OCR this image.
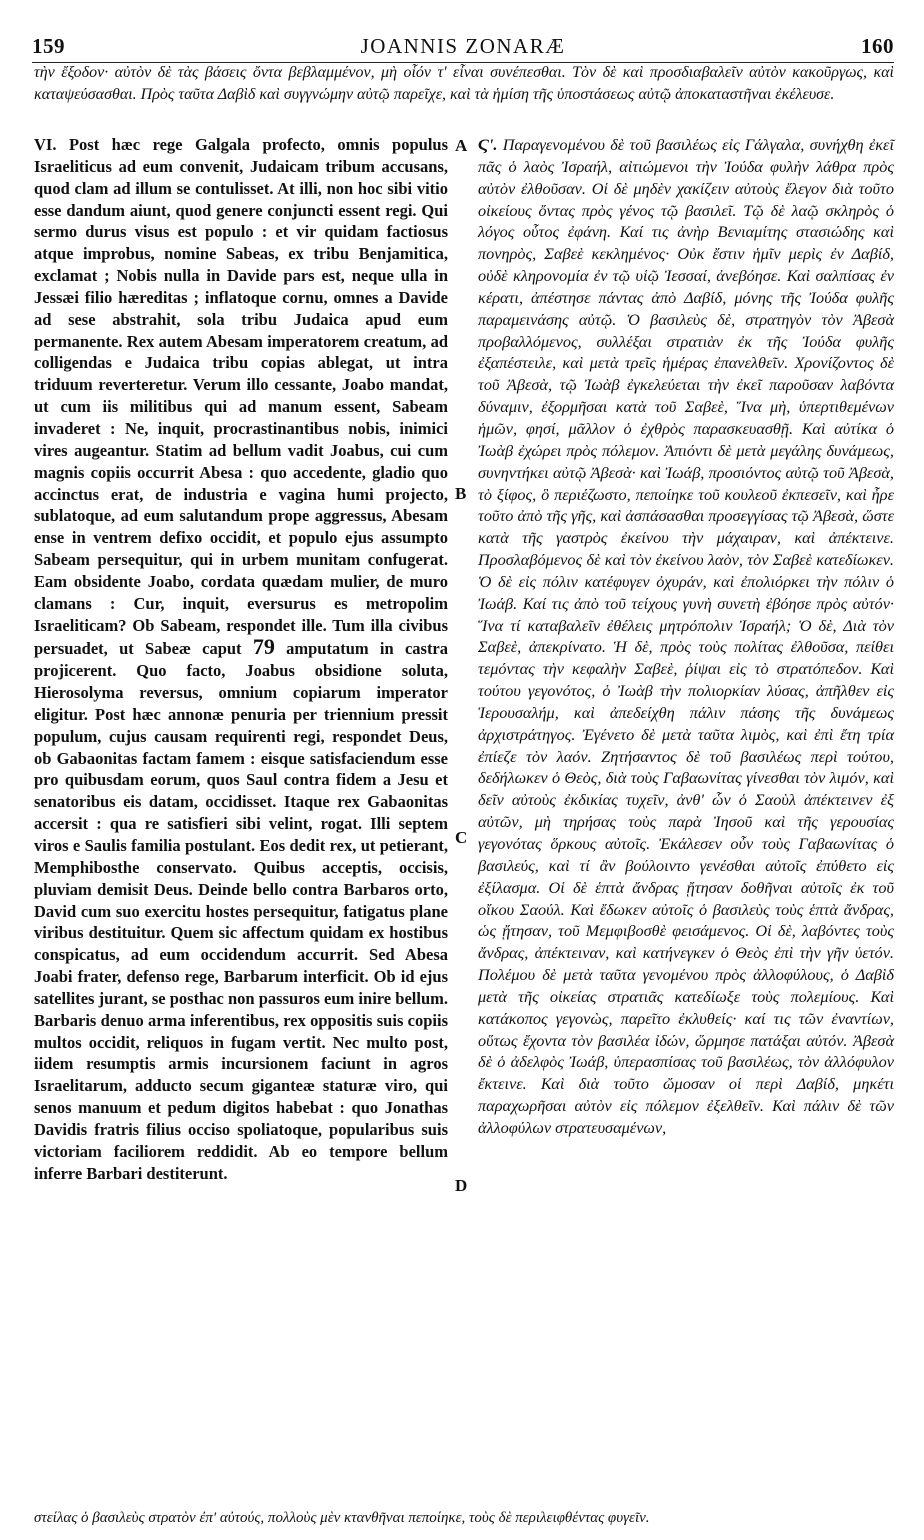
159	JOANNIS ZONARÆ	160
τὴν ἔξοδον· αὐτὸν δὲ τὰς βάσεις ὄντα βεβλαμμένον, μὴ οἷόν τ' εἶναι συνέπεσθαι. Τὸν δὲ καὶ προσδιαβαλεῖν αὐτὸν κακοῦργως, καὶ καταψεύσασθαι. Πρὸς ταῦτα Δαβὶδ καὶ συγγνώμην αὐτῷ παρεῖχε, καὶ τὰ ἡμίση τῆς ὑποστάσεως αὐτῷ ἀποκαταστῆναι ἐκέλευσε.

VI. Post hæc rege Galgala profecto, omnis populus Israeliticus ad eum convenit, Judaicam tribum accusans, quod clam ad illum se contulisset. At illi, non hoc sibi vitio esse dandum aiunt, quod genere conjuncti essent regi. Qui sermo durus visus est populo : et vir quidam factiosus atque improbus, nomine Sabeas, ex tribu Benjamitica, exclamat ; Nobis nulla in Davide pars est, neque ulla in Jessæi filio hæreditas ; inflatoque cornu, omnes a Davide ad sese abstrahit, sola tribu Judaica apud eum permanente. Rex autem Abesam imperatorem creatum, ad colligendas e Judaica tribu copias ablegat, ut intra triduum reverteretur. Verum illo cessante, Joabo mandat, ut cum iis militibus qui ad manum essent, Sabeam invaderet : Ne, inquit, procrastinantibus nobis, inimici vires augeantur. Statim ad bellum vadit Joabus, cui cum magnis copiis occurrit Abesa : quo accedente, gladio quo accinctus erat, de industria e vagina humi projecto, sublatoque, ad eum salutandum prope aggressus, Abesam ense in ventrem defixo occidit, et populo ejus assumpto Sabeam persequitur, qui in urbem munitam confugerat. Eam obsidente Joabo, cordata quædam mulier, de muro clamans : Cur, inquit, eversurus es metropolim Israeliticam? Ob Sabeam, respondet ille. Tum illa civibus persuadet, ut Sabeæ caput 79 amputatum in castra projicerent. Quo facto, Joabus obsidione soluta, Hierosolyma reversus, omnium copiarum imperator eligitur. Post hæc annonæ penuria per triennium pressit populum, cujus causam requirenti regi, respondet Deus, ob Gabaonitas factam famem : eisque satisfaciendum esse pro quibusdam eorum, quos Saul contra fidem a Jesu et senatoribus eis datam, occidisset. Itaque rex Gabaonitas accersit : qua re satisfieri sibi velint, rogat. Illi septem viros e Saulis familia postulant. Eos dedit rex, ut petierant, Memphibosthe conservato. Quibus acceptis, occisis, pluviam demisit Deus. Deinde bello contra Barbaros orto, David cum suo exercitu hostes persequitur, fatigatus plane viribus destituitur. Quem sic affectum quidam ex hostibus conspicatus, ad eum occidendum accurrit. Sed Abesa Joabi frater, defenso rege, Barbarum interficit. Ob id ejus satellites jurant, se posthac non passuros eum inire bellum. Barbaris denuo arma inferentibus, rex oppositis suis copiis multos occidit, reliquos in fugam vertit. Nec multo post, iidem resumptis armis incursionem faciunt in agros Israelitarum, adducto secum giganteæ staturæ viro, qui senos manuum et pedum digitos habebat : quo Jonathas Davidis fratris filius occiso spoliatoque, popularibus suis victoriam faciliorem reddidit. Ab eo tempore bellum inferre Barbari destiterunt.

A
B
C
D

Ϛ'. Παραγενομένου δὲ τοῦ βασιλέως εἰς Γάλγαλα, συνήχθη ἐκεῖ πᾶς ὁ λαὸς Ἰσραήλ, αἰτιώμενοι τὴν Ἰούδα φυλὴν λάθρα πρὸς αὐτὸν ἐλθοῦσαν. Οἱ δὲ μηδὲν χακίζειν αὐτοὺς ἔλεγον διὰ τοῦτο οἰκείους ὄντας πρὸς γένος τῷ βασιλεῖ. Τῷ δὲ λαῷ σκληρὸς ὁ λόγος οὗτος ἐφάνη. Καί τις ἀνὴρ Βενιαμίτης στασιώδης καὶ πονηρὸς, Σαβεὲ κεκλημένος· Οὐκ ἔστιν ἡμῖν μερὶς ἐν Δαβίδ, οὐδὲ κληρονομία ἐν τῷ υἱῷ Ἰεσσαί, ἀνεβόησε. Καὶ σαλπίσας ἐν κέρατι, ἀπέστησε πάντας ἀπὸ Δαβίδ, μόνης τῆς Ἰούδα φυλῆς παραμεινάσης αὐτῷ. Ὁ βασιλεὺς δὲ, στρατηγὸν τὸν Ἀβεσὰ προβαλλόμενος, συλλέξαι στρατιὰν ἐκ τῆς Ἰούδα φυλῆς ἐξαπέστειλε, καὶ μετὰ τρεῖς ἡμέρας ἐπανελθεῖν. Χρονίζοντος δὲ τοῦ Ἀβεσὰ, τῷ Ἰωὰβ ἐγκελεύεται τὴν ἐκεῖ παροῦσαν λαβόντα δύναμιν, ἐξορμῆσαι κατὰ τοῦ Σαβεὲ, Ἵνα μὴ, ὑπερτιθεμένων ἡμῶν, φησί, μᾶλλον ὁ ἐχθρὸς παρασκευασθῇ. Καὶ αὐτίκα ὁ Ἰωὰβ ἐχώρει πρὸς πόλεμον. Ἀπιόντι δὲ μετὰ μεγάλης δυνάμεως, συνηντήκει αὐτῷ Ἀβεσὰ· καὶ Ἰωάβ, προσιόντος αὐτῷ τοῦ Ἀβεσὰ, τὸ ξίφος, ὃ περιέζωστο, πεποίηκε τοῦ κουλεοῦ ἐκπεσεῖν, καὶ ἦρε τοῦτο ἀπὸ τῆς γῆς, καὶ ἀσπάσασθαι προσεγγίσας τῷ Ἀβεσὰ, ὥστε κατὰ τῆς γαστρὸς ἐκείνου τὴν μάχαιραν, καὶ ἀπέκτεινε. Προσλαβόμενος δὲ καὶ τὸν ἐκείνου λαὸν, τὸν Σαβεὲ κατεδίωκεν. Ὁ δὲ εἰς πόλιν κατέφυγεν ὀχυράν, καὶ ἐπολιόρκει τὴν πόλιν ὁ Ἰωάβ. Καί τις ἀπὸ τοῦ τείχους γυνὴ συνετὴ ἐβόησε πρὸς αὐτόν· Ἵνα τί καταβαλεῖν ἐθέλεις μητρόπολιν Ἰσραήλ; Ὁ δὲ, Διὰ τὸν Σαβεὲ, ἀπεκρίνατο. Ἡ δὲ, πρὸς τοὺς πολίτας ἐλθοῦσα, πείθει τεμόντας τὴν κεφαλὴν Σαβεὲ, ῥίψαι εἰς τὸ στρατόπεδον. Καὶ τούτου γεγονότος, ὁ Ἰωὰβ τὴν πολιορκίαν λύσας, ἀπῆλθεν εἰς Ἱερουσαλήμ, καὶ ἀπεδείχθη πάλιν πάσης τῆς δυνάμεως ἀρχιστράτηγος. Ἐγένετο δὲ μετὰ ταῦτα λιμὸς, καὶ ἐπὶ ἔτη τρία ἐπίεζε τὸν λαόν. Ζητήσαντος δὲ τοῦ βασιλέως περὶ τούτου, δεδήλωκεν ὁ Θεὸς, διὰ τοὺς Γαβαωνίτας γίνεσθαι τὸν λιμόν, καὶ δεῖν αὐτοὺς ἐκδικίας τυχεῖν, ἀνθ' ὧν ὁ Σαοὺλ ἀπέκτεινεν ἐξ αὐτῶν, μὴ τηρήσας τοὺς παρὰ Ἰησοῦ καὶ τῆς γερουσίας γεγονότας ὅρκους αὐτοῖς. Ἐκάλεσεν οὖν τοὺς Γαβαωνίτας ὁ βασιλεύς, καὶ τί ἂν βούλοιντο γενέσθαι αὐτοῖς ἐπύθετο εἰς ἐξίλασμα. Οἱ δὲ ἑπτὰ ἄνδρας ᾔτησαν δοθῆναι αὐτοῖς ἐκ τοῦ οἴκου Σαούλ. Καὶ ἔδωκεν αὐτοῖς ὁ βασιλεὺς τοὺς ἑπτὰ ἄνδρας, ὡς ᾔτησαν, τοῦ Μεμφιβοσθὲ φεισάμενος. Οἱ δὲ, λαβόντες τοὺς ἄνδρας, ἀπέκτειναν, καὶ κατήνεγκεν ὁ Θεὸς ἐπὶ τὴν γῆν ὑετόν. Πολέμου δὲ μετὰ ταῦτα γενομένου πρὸς ἀλλοφύλους, ὁ Δαβὶδ μετὰ τῆς οἰκείας στρατιᾶς κατεδίωξε τοὺς πολεμίους. Καὶ κατάκοπος γεγονὼς, παρεῖτο ἐκλυθείς· καί τις τῶν ἐναντίων, οὕτως ἔχοντα τὸν βασιλέα ἰδών, ὥρμησε πατάξαι αὐτόν. Ἀβεσὰ δὲ ὁ ἀδελφὸς Ἰωάβ, ὑπερασπίσας τοῦ βασιλέως, τὸν ἀλλόφυλον ἔκτεινε. Καὶ διὰ τοῦτο ὤμοσαν οἱ περὶ Δαβίδ, μηκέτι παραχωρῆσαι αὐτὸν εἰς πόλεμον ἐξελθεῖν. Καὶ πάλιν δὲ τῶν ἀλλοφύλων στρατευσαμένων,

στείλας ὁ βασιλεὺς στρατὸν ἐπ' αὐτούς, πολλοὺς μὲν κτανθῆναι πεποίηκε, τοὺς δὲ περιλειφθέντας φυγεῖν.
